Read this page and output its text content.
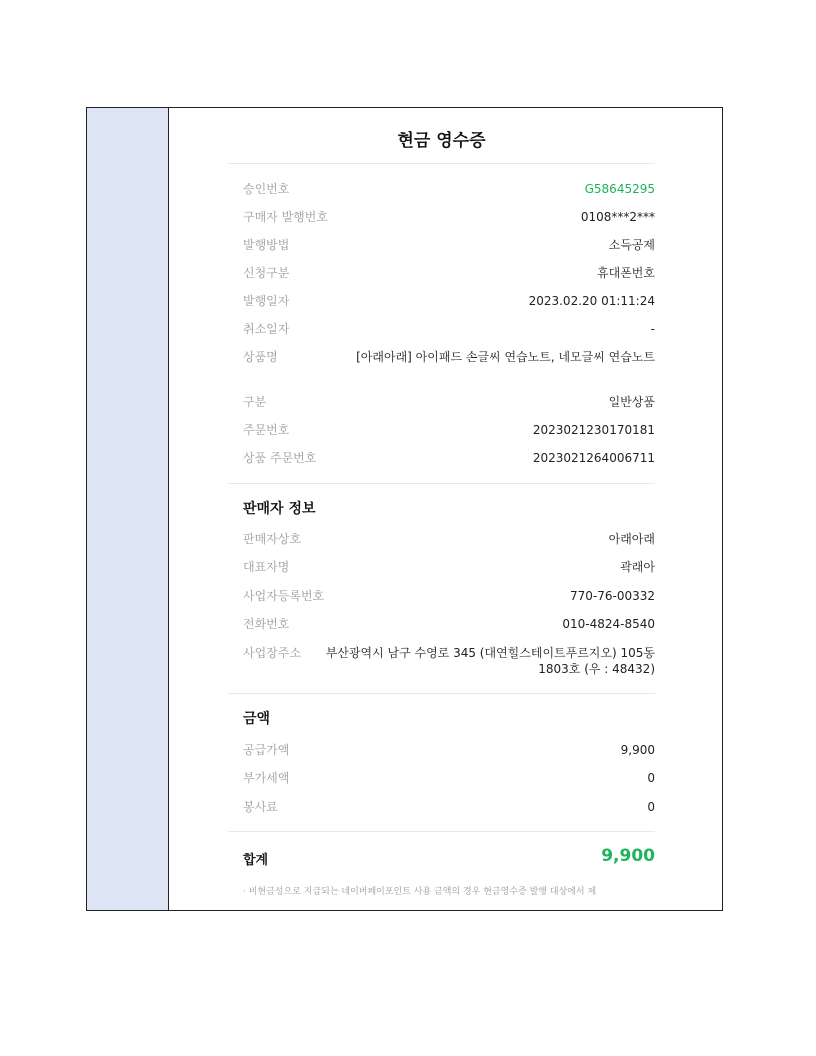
현금 영수증
승인번호	G58645295
구매자 발행번호	0108***2***
발행방법	소득공제
신청구분	휴대폰번호
발행일자	2023.02.20 01:11:24
취소일자	-
상품명	[아래아래] 아이패드 손글씨 연습노트, 네모글씨 연습노트
구분	일반상품
주문번호	2023021230170181
상품 주문번호	2023021264006711
판매자 정보
판매자상호	아래아래
대표자명	곽래아
사업자등록번호	770-76-00332
전화번호	010-4824-8540
사업장주소 부산광역시 남구 수영로 345 (대연힐스테이트푸르지오) 105동 1803호 (우 : 48432)
금액
공급가액	9,900
부가세액	0
봉사료	0
합계	9,900
· 비현금성으로 지급되는 네이버페이포인트 사용 금액의 경우 현금영수증 발행 대상에서 제
